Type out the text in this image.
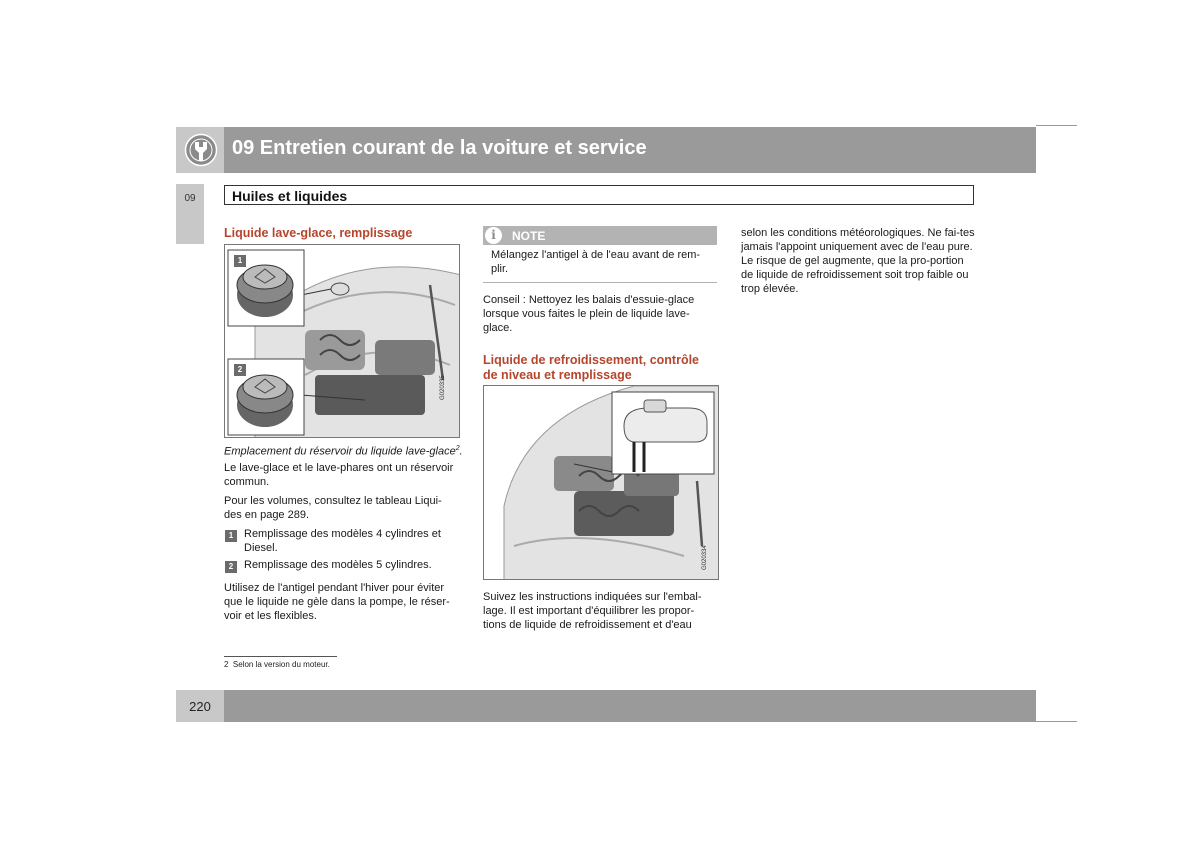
09 Entretien courant de la voiture et service
09	Huiles et liquides
Liquide lave-glace, remplissage
1
2
G020335
Emplacement du réservoir du liquide lave-glace$^2$.
Le lave-glace et le lave-phares ont un réservoir commun.
Pour les volumes, consultez le tableau Liqui-des en page 289.
1 Remplissage des modèles 4 cylindres et Diesel.
2 Remplissage des modèles 5 cylindres.
Utilisez de l'antigel pendant l'hiver pour éviter que le liquide ne gèle dans la pompe, le réser-voir et les flexibles.
i	NOTE
Mélangez l'antigel à de l'eau avant de rem-plir.
Conseil : Nettoyez les balais d'essuie-glace lorsque vous faites le plein de liquide lave-glace.
Liquide de refroidissement, contrôle de niveau et remplissage
G020334
Suivez les instructions indiquées sur l'embal-lage. Il est important d'équilibrer les propor-tions de liquide de refroidissement et d'eau
selon les conditions météorologiques. Ne fai-tes jamais l'appoint uniquement avec de l'eau pure. Le risque de gel augmente, que la pro-portion de liquide de refroidissement soit trop faible ou trop élevée.
2 Selon la version du moteur.
220
